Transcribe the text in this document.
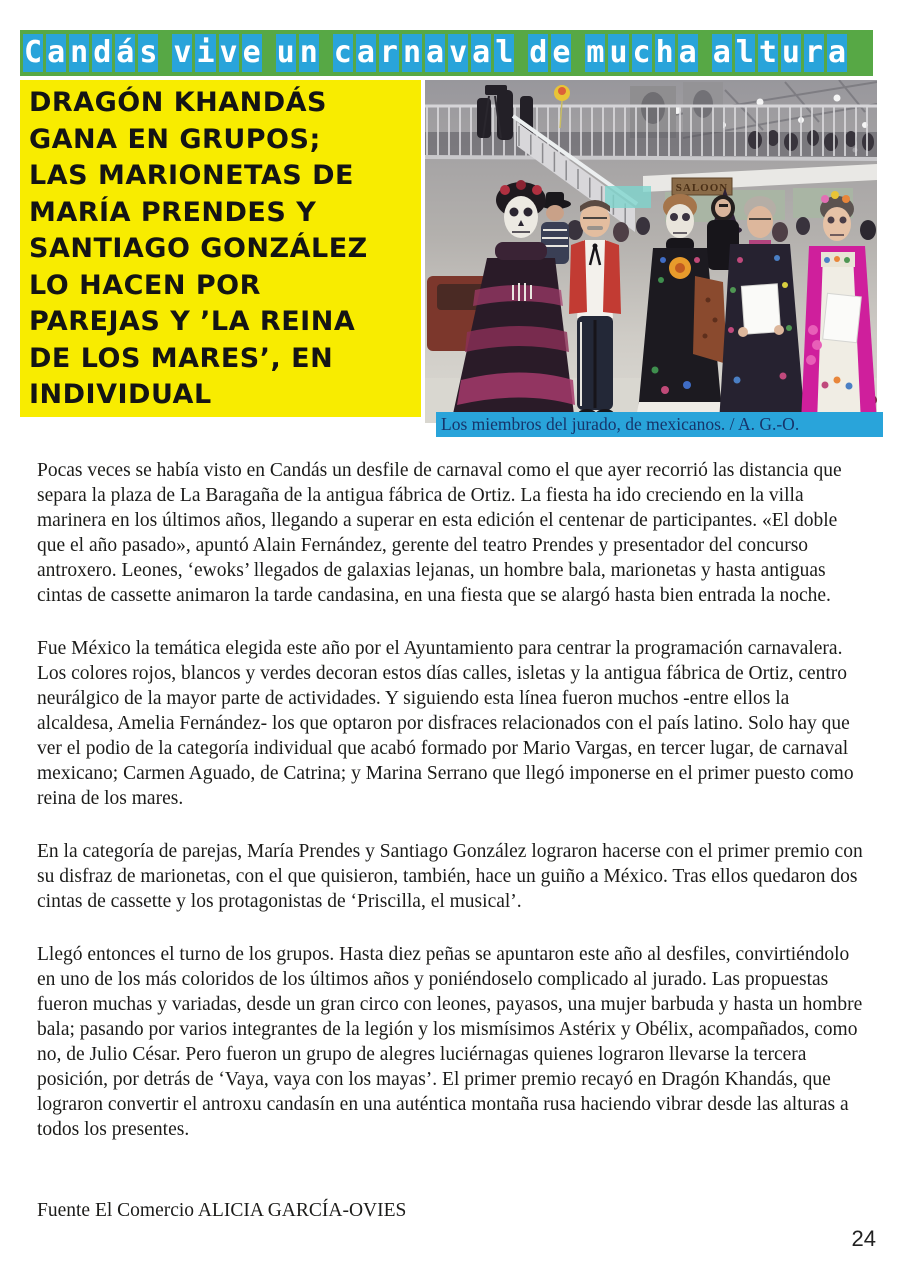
C a n d á s v i v e u n c a r n a v a l d e m u c h a a l t u r a
DRAGÓN KHANDÁS
GANA EN GRUPOS;
LAS MARIONETAS DE
MARÍA PRENDES Y
SANTIAGO GONZÁLEZ
LO HACEN POR
PAREJAS Y ’LA REINA
DE LOS MARES’, EN
INDIVIDUAL
SALOON
Los miembros del jurado, de mexicanos. / A. G.-O.

Pocas veces se había visto en Candás un desfile de carnaval como el que ayer recorrió las distancia que separa la plaza de La Baragaña de la antigua fábrica de Ortiz. La fiesta ha ido creciendo en la villa marinera en los últimos años, llegando a superar en esta edición el centenar de participantes. «El doble que el año pasado», apuntó Alain Fernández, gerente del teatro Prendes y presentador del concurso antroxero. Leones, ‘ewoks’ llegados de galaxias lejanas, un hombre bala, marionetas y hasta antiguas cintas de cassette animaron la tarde candasina, en una fiesta que se alargó hasta bien entrada la noche.

Fue México la temática elegida este año por el Ayuntamiento para centrar la programación carnavalera. Los colores rojos, blancos y verdes decoran estos días calles, isletas y la antigua fábrica de Ortiz, centro neurálgico de la mayor parte de actividades. Y siguiendo esta línea fueron muchos -entre ellos la alcaldesa, Amelia Fernández- los que optaron por disfraces relacionados con el país latino. Solo hay que ver el podio de la categoría individual que acabó formado por Mario Vargas, en tercer lugar, de carnaval mexicano; Carmen Aguado, de Catrina; y Marina Serrano que llegó imponerse en el primer puesto como reina de los mares.

En la categoría de parejas, María Prendes y Santiago González lograron hacerse con el primer premio con su disfraz de marionetas, con el que quisieron, también, hace un guiño a México. Tras ellos quedaron dos cintas de cassette y los protagonistas de ‘Priscilla, el musical’.

Llegó entonces el turno de los grupos. Hasta diez peñas se apuntaron este año al desfiles, convirtiéndolo en uno de los más coloridos de los últimos años y poniéndoselo complicado al jurado. Las propuestas fueron muchas y variadas, desde un gran circo con leones, payasos, una mujer barbuda y hasta un hombre bala; pasando por varios integrantes de la legión y los mismísimos Astérix y Obélix, acompañados, como no, de Julio César. Pero fueron un grupo de alegres luciérnagas quienes lograron llevarse la tercera posición, por detrás de ‘Vaya, vaya con los mayas’. El primer premio recayó en Dragón Khandás, que lograron convertir el antroxu candasín en una auténtica montaña rusa haciendo vibrar desde las alturas a todos los presentes.

Fuente El Comercio ALICIA GARCÍA-OVIES
24
